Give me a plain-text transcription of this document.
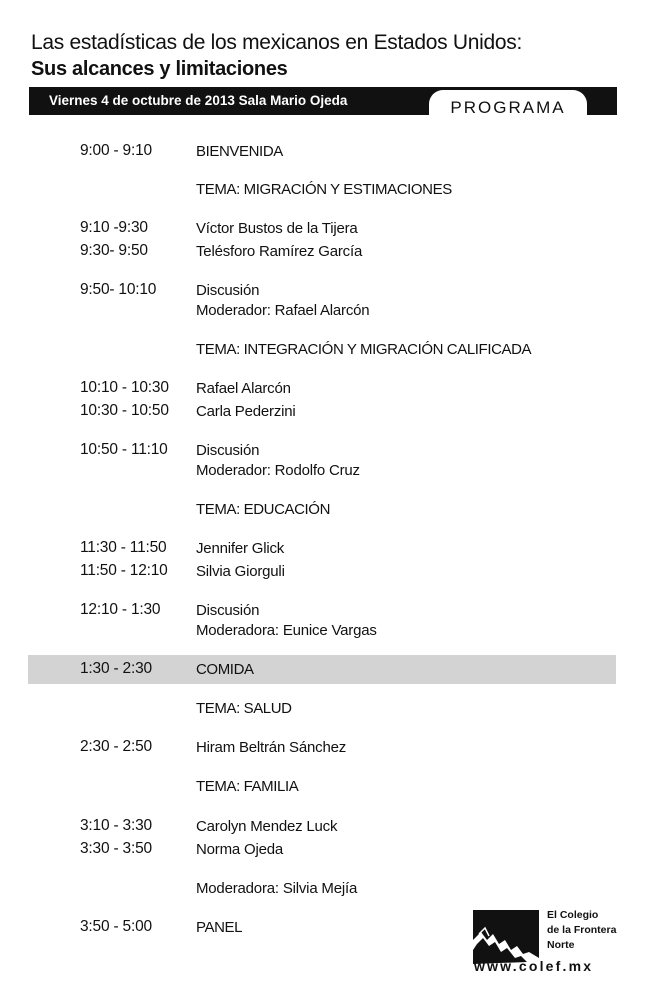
Las estadísticas de los mexicanos en Estados Unidos:
Sus alcances y limitaciones
Viernes 4 de octubre de 2013 Sala Mario Ojeda	PROGRAMA
9:00 - 9:10	BIENVENIDA
TEMA: MIGRACIÓN Y ESTIMACIONES
9:10 -9:30	Víctor Bustos de la Tijera
9:30- 9:50	Telésforo Ramírez García
9:50- 10:10	Discusión
Moderador: Rafael Alarcón
TEMA: INTEGRACIÓN Y MIGRACIÓN CALIFICADA
10:10 - 10:30 Rafael Alarcón
10:30 - 10:50 Carla Pederzini
10:50 - 11:10 Discusión
Moderador: Rodolfo Cruz
TEMA: EDUCACIÓN
11:30 - 11:50 Jennifer Glick
11:50 - 12:10 Silvia Giorguli
12:10 - 1:30 Discusión
Moderadora: Eunice Vargas
1:30 - 2:30	COMIDA
TEMA: SALUD
2:30 - 2:50	Hiram Beltrán Sánchez
TEMA: FAMILIA
3:10 - 3:30	Carolyn Mendez Luck
3:30 - 3:50	Norma Ojeda
Moderadora: Silvia Mejía
3:50 - 5:00	PANEL
El Colegio
de la Frontera
Norte
www.colef.mx
